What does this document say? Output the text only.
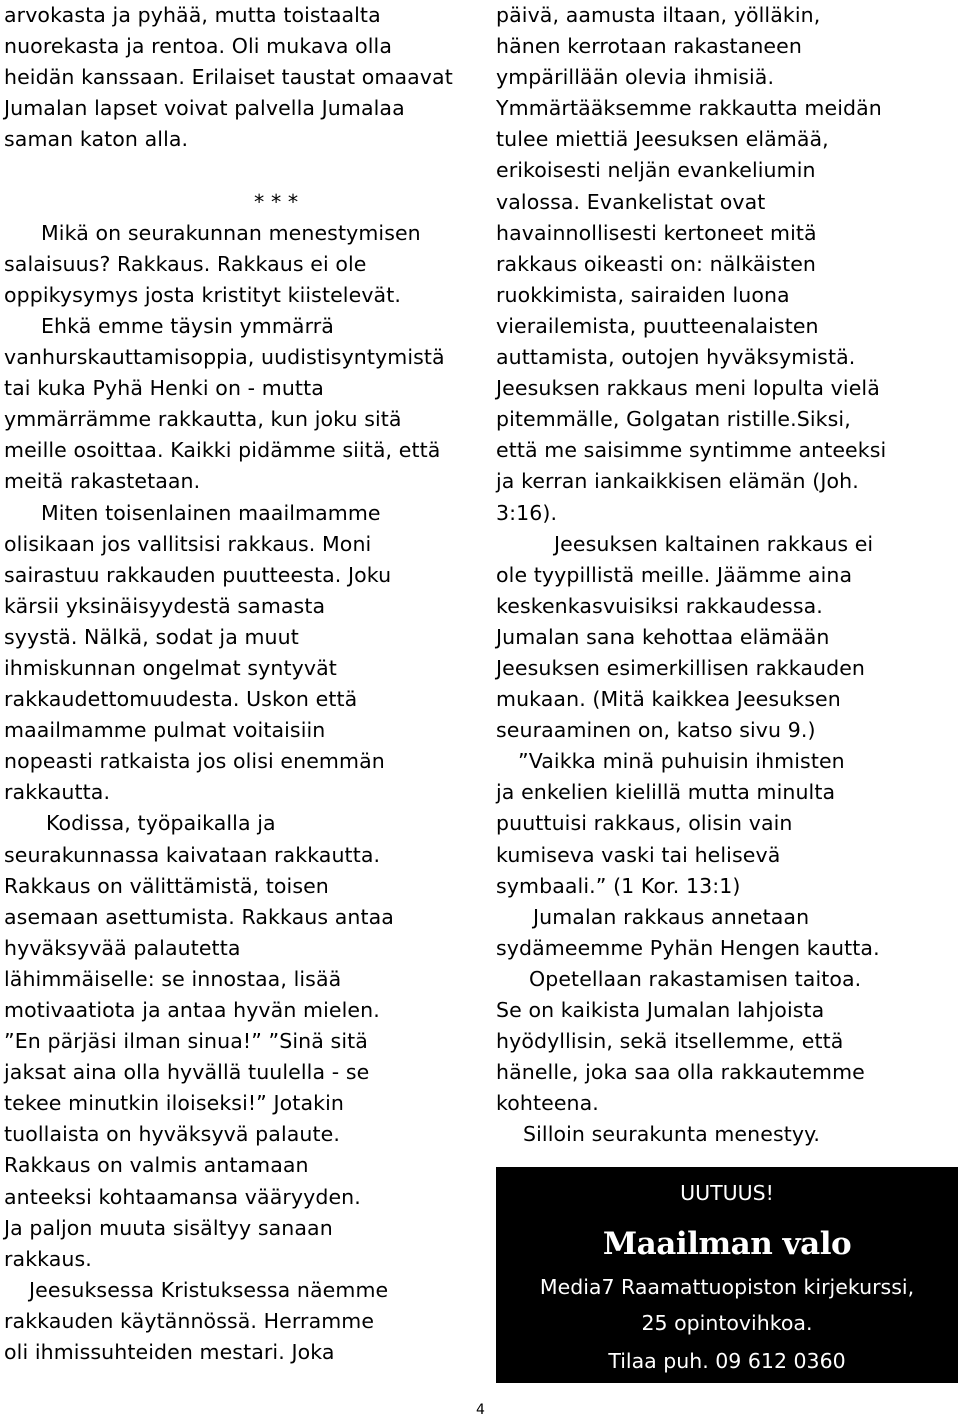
arvokasta ja pyhää, mutta toistaalta
nuorekasta ja rentoa. Oli mukava olla
heidän kanssaan. Erilaiset taustat omaavat
Jumalan lapset voivat palvella Jumalaa
saman katon alla.
* * *
Mikä on seurakunnan menestymisen
salaisuus? Rakkaus. Rakkaus ei ole
oppikysymys josta kristityt kiistelevät.
Ehkä emme täysin ymmärrä
vanhurskauttamisoppia, uudistisyntymistä
tai kuka Pyhä Henki on - mutta
ymmärrämme rakkautta, kun joku sitä
meille osoittaa. Kaikki pidämme siitä, että
meitä rakastetaan.
Miten toisenlainen maailmamme
olisikaan jos vallitsisi rakkaus. Moni
sairastuu rakkauden puutteesta. Joku
kärsii yksinäisyydestä samasta
syystä. Nälkä, sodat ja muut
ihmiskunnan ongelmat syntyvät
rakkaudettomuudesta. Uskon että
maailmamme pulmat voitaisiin
nopeasti ratkaista jos olisi enemmän
rakkautta.
Kodissa, työpaikalla ja
seurakunnassa kaivataan rakkautta.
Rakkaus on välittämistä, toisen
asemaan asettumista. Rakkaus antaa
hyväksyvää palautetta
lähimmäiselle: se innostaa, lisää
motivaatiota ja antaa hyvän mielen.
”En pärjäsi ilman sinua!” ”Sinä sitä
jaksat aina olla hyvällä tuulella - se
tekee minutkin iloiseksi!” Jotakin
tuollaista on hyväksyvä palaute.
Rakkaus on valmis antamaan
anteeksi kohtaamansa vääryyden.
Ja paljon muuta sisältyy sanaan
rakkaus.
Jeesuksessa Kristuksessa näemme
rakkauden käytännössä. Herramme
oli ihmissuhteiden mestari. Joka
päivä, aamusta iltaan, yölläkin,
hänen kerrotaan rakastaneen
ympärillään olevia ihmisiä.
Ymmärtääksemme rakkautta meidän
tulee miettiä Jeesuksen elämää,
erikoisesti neljän evankeliumin
valossa. Evankelistat ovat
havainnollisesti kertoneet mitä
rakkaus oikeasti on: nälkäisten
ruokkimista, sairaiden luona
vierailemista, puutteenalaisten
auttamista, outojen hyväksymistä.
Jeesuksen rakkaus meni lopulta vielä
pitemmälle, Golgatan ristille.Siksi,
että me saisimme syntimme anteeksi
ja kerran iankaikkisen elämän (Joh.
3:16).
Jeesuksen kaltainen rakkaus ei
ole tyypillistä meille. Jäämme aina
keskenkasvuisiksi rakkaudessa.
Jumalan sana kehottaa elämään
Jeesuksen esimerkillisen rakkauden
mukaan. (Mitä kaikkea Jeesuksen
seuraaminen on, katso sivu 9.)
”Vaikka minä puhuisin ihmisten
ja enkelien kielillä mutta minulta
puuttuisi rakkaus, olisin vain
kumiseva vaski tai helisevä
symbaali.” (1 Kor. 13:1)
Jumalan rakkaus annetaan
sydämeemme Pyhän Hengen kautta.
Opetellaan rakastamisen taitoa.
Se on kaikista Jumalan lahjoista
hyödyllisin, sekä itsellemme, että
hänelle, joka saa olla rakkautemme
kohteena.
Silloin seurakunta menestyy.
UUTUUS!
Maailman valo
Media7 Raamattuopiston kirjekurssi,
25 opintovihkoa.
Tilaa puh. 09 612 0360
4
